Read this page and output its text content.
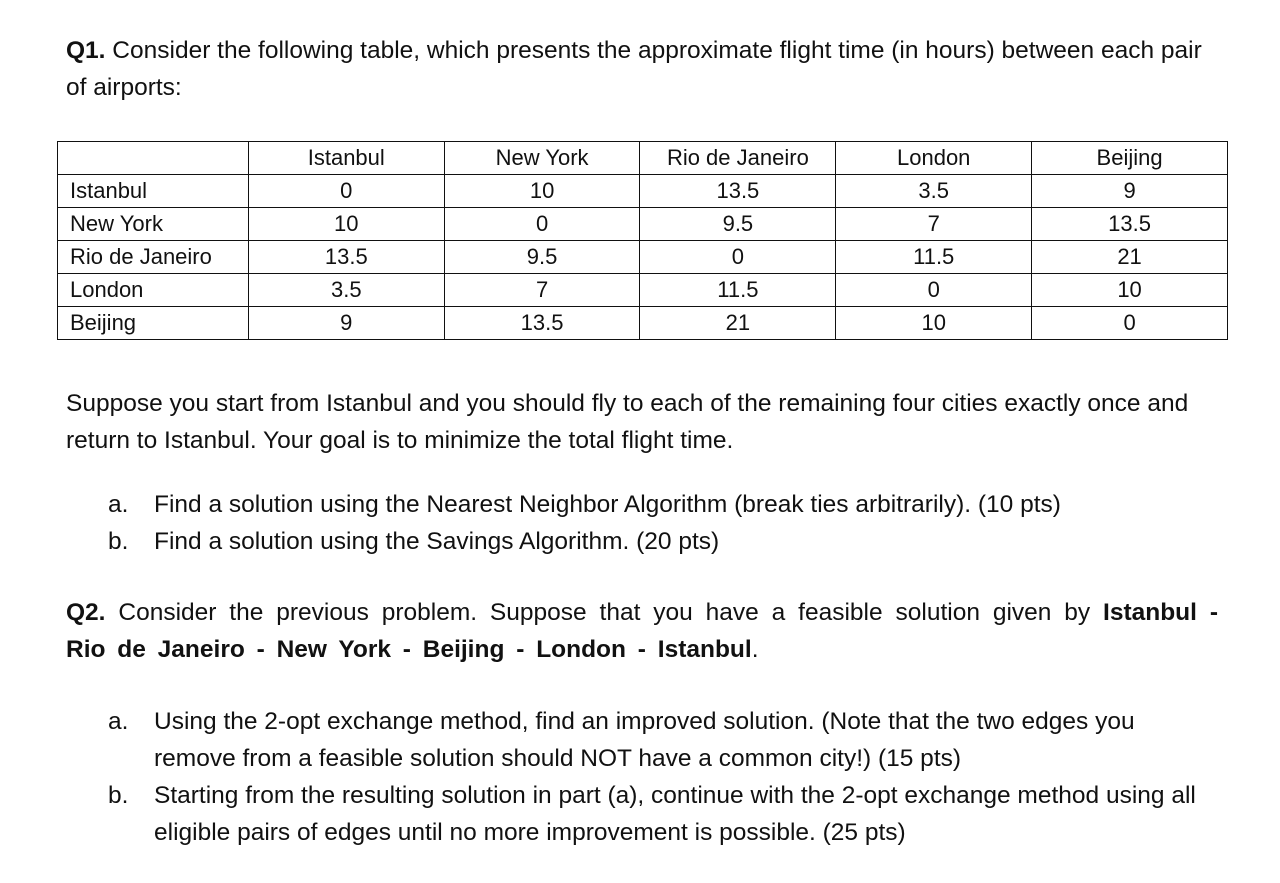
Q1. Consider the following table, which presents the approximate flight time (in hours) between each pair of airports:

	Istanbul	New York	Rio de Janeiro	London	Beijing
Istanbul	0	10	13.5	3.5	9
New York	10	0	9.5	7	13.5
Rio de Janeiro	13.5	9.5	0	11.5	21
London	3.5	7	11.5	0	10
Beijing	9	13.5	21	10	0

Suppose you start from Istanbul and you should fly to each of the remaining four cities exactly once and return to Istanbul. Your goal is to minimize the total flight time.

a. Find a solution using the Nearest Neighbor Algorithm (break ties arbitrarily). (10 pts)
b. Find a solution using the Savings Algorithm. (20 pts)

Q2. Consider the previous problem. Suppose that you have a feasible solution given by Istanbul - Rio de Janeiro - New York - Beijing - London - Istanbul.

a. Using the 2-opt exchange method, find an improved solution. (Note that the two edges you remove from a feasible solution should NOT have a common city!) (15 pts)
b. Starting from the resulting solution in part (a), continue with the 2-opt exchange method using all eligible pairs of edges until no more improvement is possible. (25 pts)
